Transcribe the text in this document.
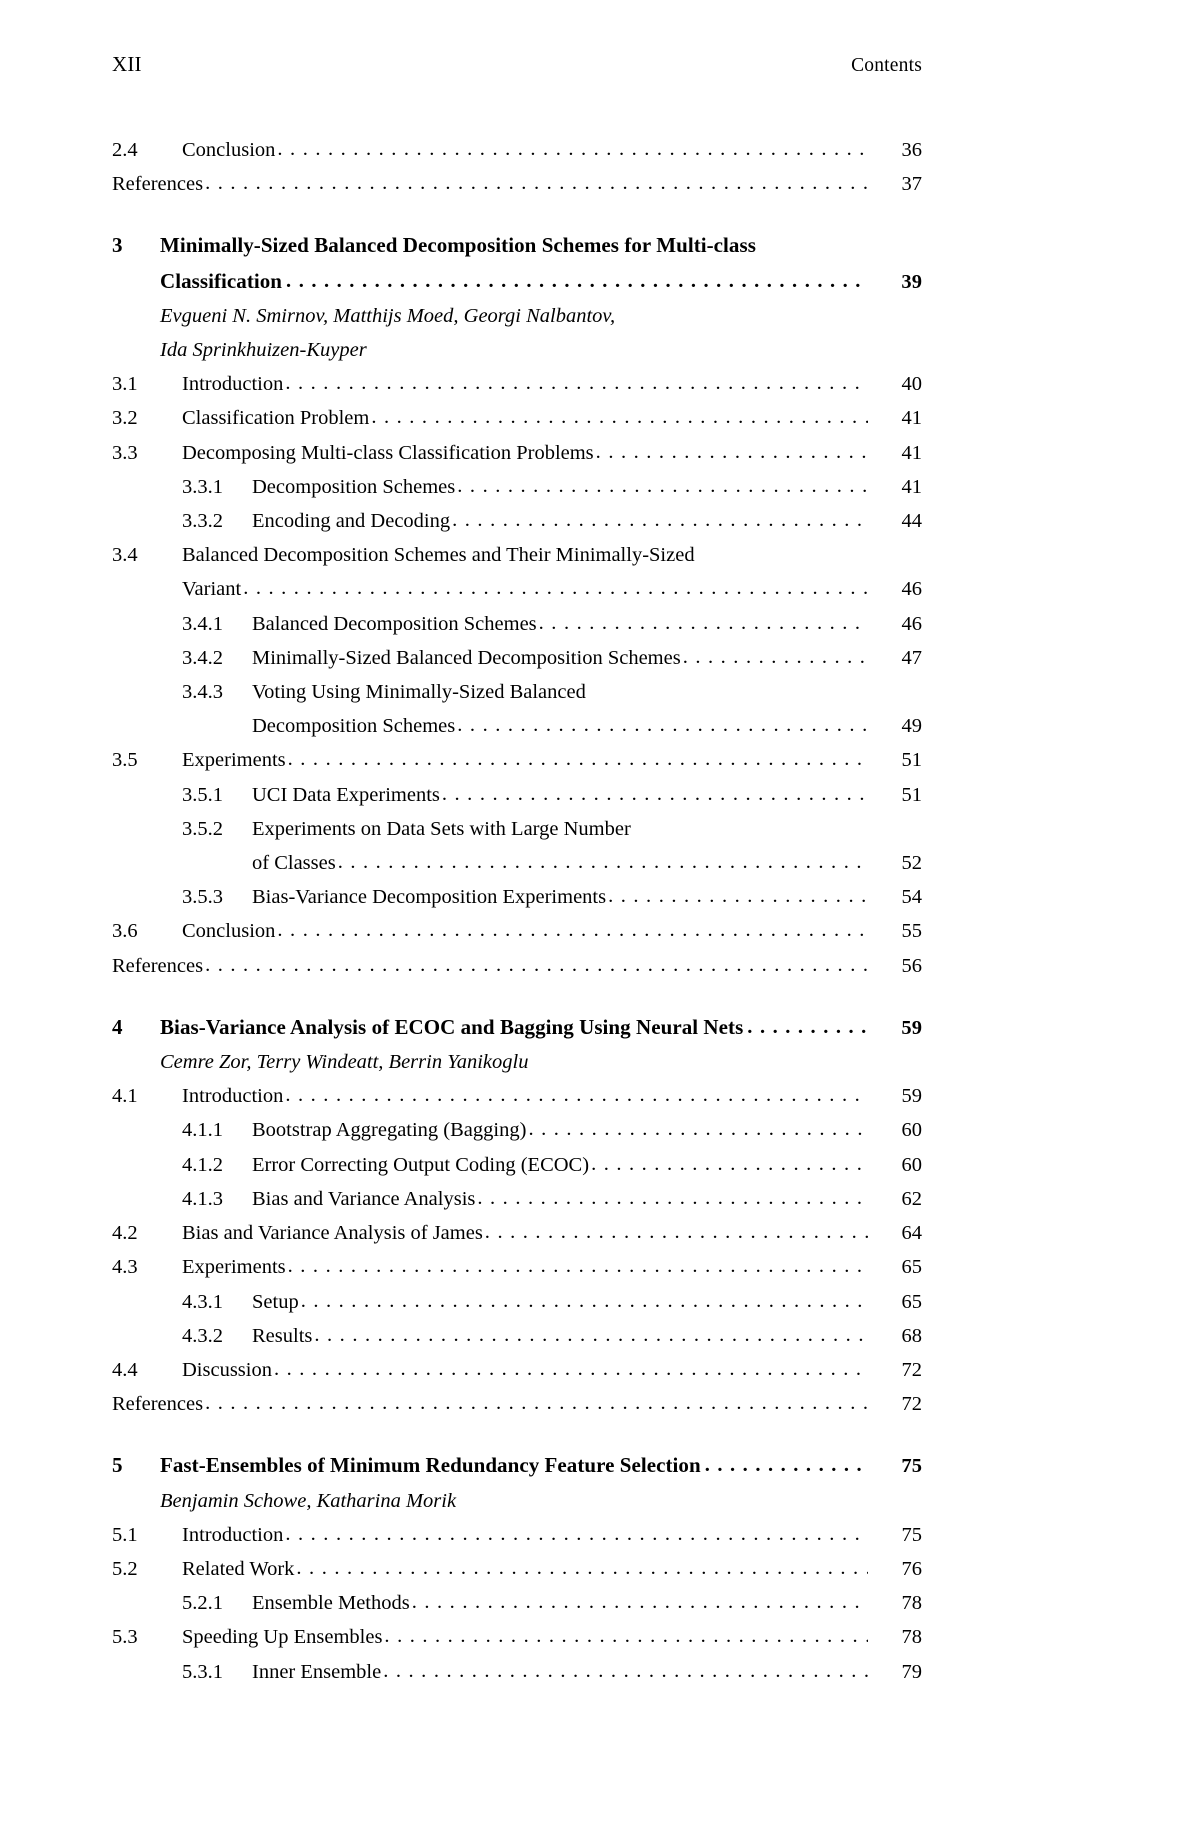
XII	Contents
2.4	Conclusion . . .	36
References . . .	37
3	Minimally-Sized Balanced Decomposition Schemes for Multi-class
Classification . . .	39
Evgueni N. Smirnov, Matthijs Moed, Georgi Nalbantov,
Ida Sprinkhuizen-Kuyper
3.1	Introduction . . .	40
3.2	Classification Problem . . .	41
3.3	Decomposing Multi-class Classification Problems . . .	41
3.3.1	Decomposition Schemes . . .	41
3.3.2	Encoding and Decoding . . .	44
3.4	Balanced Decomposition Schemes and Their Minimally-Sized
Variant . . .	46
3.4.1	Balanced Decomposition Schemes . . .	46
3.4.2	Minimally-Sized Balanced Decomposition Schemes . . .	47
3.4.3	Voting Using Minimally-Sized Balanced
Decomposition Schemes . . .	49
3.5	Experiments . . .	51
3.5.1	UCI Data Experiments . . .	51
3.5.2	Experiments on Data Sets with Large Number
of Classes . . .	52
3.5.3	Bias-Variance Decomposition Experiments . . .	54
3.6	Conclusion . . .	55
References . . .	56
4	Bias-Variance Analysis of ECOC and Bagging Using Neural Nets . . .	59
Cemre Zor, Terry Windeatt, Berrin Yanikoglu
4.1	Introduction . . .	59
4.1.1	Bootstrap Aggregating (Bagging) . . .	60
4.1.2	Error Correcting Output Coding (ECOC) . . .	60
4.1.3	Bias and Variance Analysis . . .	62
4.2	Bias and Variance Analysis of James . . .	64
4.3	Experiments . . .	65
4.3.1	Setup . . .	65
4.3.2	Results . . .	68
4.4	Discussion . . .	72
References . . .	72
5	Fast-Ensembles of Minimum Redundancy Feature Selection . . .	75
Benjamin Schowe, Katharina Morik
5.1	Introduction . . .	75
5.2	Related Work . . .	76
5.2.1	Ensemble Methods . . .	78
5.3	Speeding Up Ensembles . . .	78
5.3.1	Inner Ensemble . . .	79
